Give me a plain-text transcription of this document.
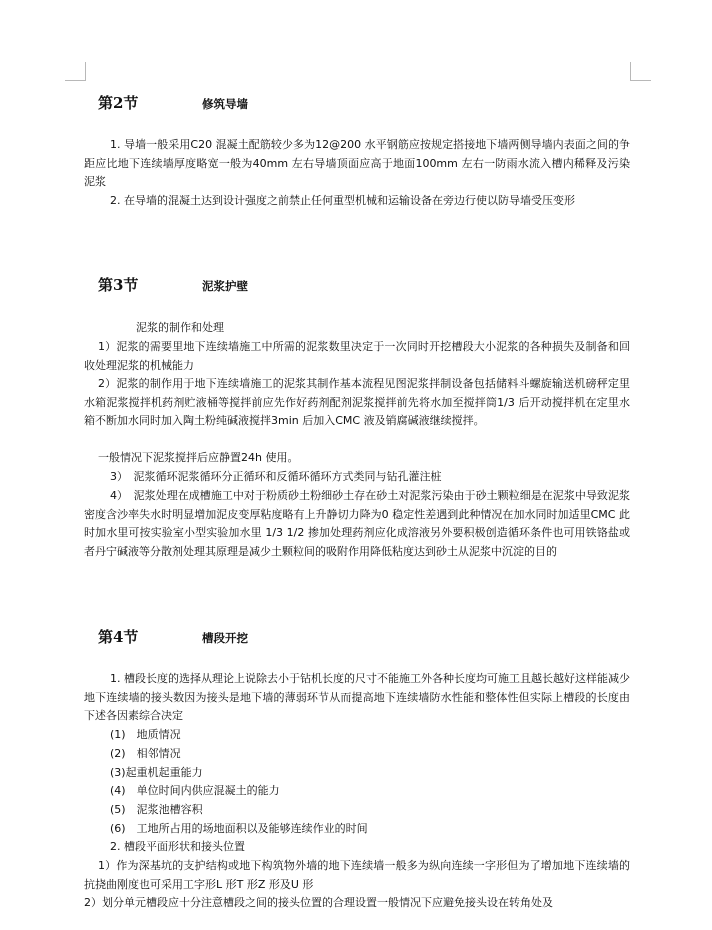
第2节	修筑导墙

1. 导墙一般采用C20 混凝土配筋较少多为12@200 水平钢筋应按规定搭接地下墙两侧导墙内表面之间的争距应比地下连续墙厚度略宽一般为40mm 左右导墙顶面应高于地面100mm 左右一防雨水流入槽内稀释及污染泥浆

2. 在导墙的混凝土达到设计强度之前禁止任何重型机械和运输设备在旁边行使以防导墙受压变形

第3节	泥浆护壁

泥浆的制作和处理

1）泥浆的需要里地下连续墙施工中所需的泥浆数里决定于一次同时开挖槽段大小泥浆的各种损失及制备和回收处理泥浆的机械能力

2）泥浆的制作用于地下连续墙施工的泥浆其制作基本流程见图泥浆拌制设备包括储料斗螺旋输送机磅秤定里水箱泥浆搅拌机药剂贮液桶等搅拌前应先作好药剂配剂泥浆搅拌前先将水加至搅拌筒1/3 后开动搅拌机在定里水箱不断加水同时加入陶土粉纯碱液搅拌3min 后加入CMC 液及销腐碱液继续搅拌。

一般情况下泥浆搅拌后应静置24h 使用。

3）　泥浆循环泥浆循环分正循环和反循环循环方式类同与钻孔灌注桩

4）　泥浆处理在成槽施工中对于粉质砂土粉细砂土存在砂土对泥浆污染由于砂土颗粒细是在泥浆中导致泥浆密度含沙率失水时明显增加泥皮变厚粘度略有上升静切力降为0 稳定性差遇到此种情况在加水同时加适里CMC 此时加水里可按实验室小型实验加水里 1/3 1/2 掺加处理药剂应化成溶液另外要积极创造循环条件也可用铁铬盐或者丹宁碱液等分散剂处理其原理是减少土颗粒间的吸附作用降低粘度达到砂土从泥浆中沉淀的目的

第4节	槽段开挖

1. 槽段长度的选择从理论上说除去小于钻机长度的尺寸不能施工外各种长度均可施工且越长越好这样能减少地下连续墙的接头数因为接头是地下墙的薄弱环节从而提高地下连续墙防水性能和整体性但实际上槽段的长度由下述各因素综合决定

(1)　地质情况

(2)　相邻情况

(3)起重机起重能力

(4)　单位时间内供应混凝土的能力

(5)　泥浆池槽容积

(6)　工地所占用的场地面积以及能够连续作业的时间

2. 槽段平面形状和接头位置

1）作为深基坑的支护结构或地下构筑物外墙的地下连续墙一般多为纵向连续一字形但为了增加地下连续墙的抗挠曲刚度也可采用工字形L 形T 形Z 形及U 形

2）划分单元槽段应十分注意槽段之间的接头位置的合理设置一般情况下应避免接头设在转角处及
